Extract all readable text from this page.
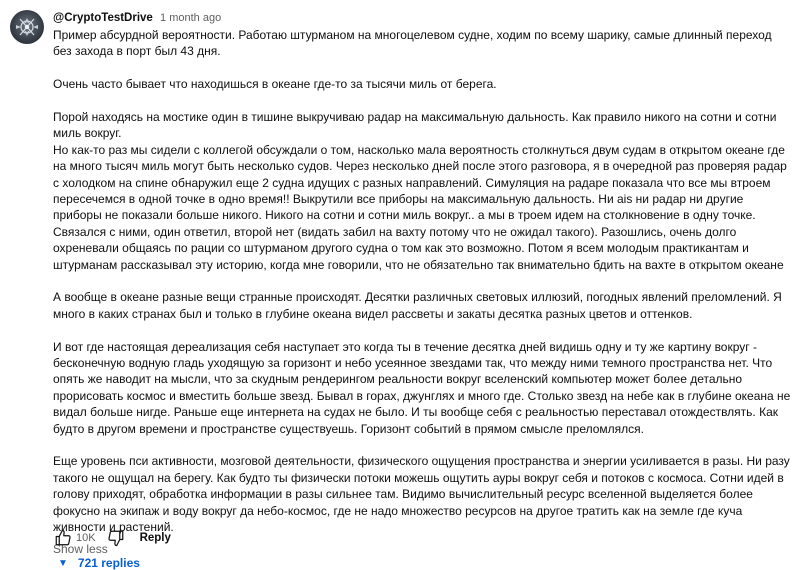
@CryptoTestDrive 1 month ago

Пример абсурдной вероятности. Работаю штурманом на многоцелевом судне, ходим по всему шарику, самые длинный переход без захода в порт был 43 дня.

Очень часто бывает что находишься в океане где-то за тысячи миль от берега.

Порой находясь на мостике один в тишине выкручиваю радар на максимальную дальность. Как правило никого на сотни и сотни миль вокруг.

Но как-то раз мы сидели с коллегой обсуждали о том, насколько мала вероятность столкнуться двум судам в открытом океане где на много тысяч миль могут быть несколько судов. Через несколько дней после этого разговора, я в очередной раз проверяя радар с холодком на спине обнаружил еще 2 судна идущих с разных направлений. Симуляция на радаре показала что все мы втроем пересечемся в одной точке в одно время!! Выкрутили все приборы на максимальную дальность. Ни ais ни радар ни другие приборы не показали больше никого. Никого на сотни и сотни миль вокруг.. а мы в троем идем на столкновение в одну точке. Связался с ними, один ответил, второй нет (видать забил на вахту потому что не ожидал такого). Разошлись, очень долго охреневали общаясь по рации со штурманом другого судна о том как это возможно. Потом я всем молодым практикантам и штурманам рассказывал эту историю, когда мне говорили, что не обязательно так внимательно бдить на вахте в открытом океане

А вообще в океане разные вещи странные происходят. Десятки различных световых иллюзий, погодных явлений преломлений. Я много в каких странах был и только в глубине океана видел рассветы и закаты десятка разных цветов и оттенков.

И вот где настоящая дереализация себя наступает это когда ты в течение десятка дней видишь одну и ту же картину вокруг - бесконечную водную гладь уходящую за горизонт и небо усеянное звездами так, что между ними темного пространства нет. Что опять же наводит на мысли, что за скудным рендерингом реальности вокруг вселенский компьютер может более детально прорисовать космос и вместить больше звезд. Бывал в горах, джунглях и много где. Столько звезд на небе как в глубине океана не видал больше нигде. Раньше еще интернета на судах не было. И ты вообще себя с реальностью переставал отождествлять. Как будто в другом времени и пространстве существуешь. Горизонт событий в прямом смысле преломлялся.

Еще уровень пси активности, мозговой деятельности, физического ощущения пространства и энергии усиливается в разы. Ни разу такого не ощущал на берегу. Как будто ты физически потоки можешь ощутить ауры вокруг себя и потоков с космоса. Сотни идей в голову приходят, обработка информации в разы сильнее там. Видимо вычислительный ресурс вселенной выделяется более фокусно на экипаж и воду вокруг да небо-космос, где не надо множество ресурсов на другое тратить как на земле где куча живности и растений.

Show less
10K	Reply
▼ 721 replies
